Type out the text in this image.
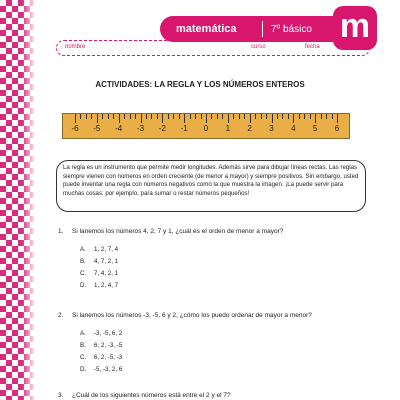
matemática	7º básico m
nombre	curso	fecha
ACTIVIDADES: LA REGLA Y LOS NÚMEROS ENTEROS
-6 -5 -4 -3 -2 -1 0 1 2 3 4 5 6

La regla es un instrumento que permite medir longitudes. Además sirve para dibujar líneas rectas. Las reglas siempre vienen con números en orden creciente (de menor a mayor) y siempre positivos. Sin embargo, usted puede inventar una regla con números negativos como la que muestra la imagen. ¡La puede servir para muchas cosas: por ejemplo, para sumar o restar números pequeños!

1. Si lanemos los números 4, 2, 7 y 1, ¿cuál es el orden de menor a mayor?
A. 1, 2, 7, 4
B. 4, 7, 2, 1
C. 7, 4, 2, 1
D. 1, 2, 4, 7
2. Si lanemos los números -3, -5, 6 y 2, ¿cómo los puedo ordenar de mayor a menor?
A. -3, -5, 6, 2
B. 6, 2, -3, -5
C. 6, 2, -5, -3
D. -5, -3, 2, 6
3. ¿Cuál de los siguientes números está entre el 2 y el 7?
